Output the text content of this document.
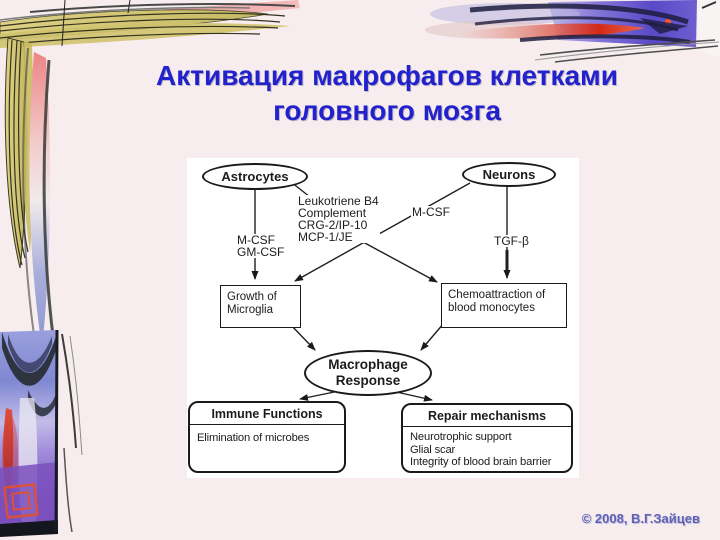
Активация макрофагов клетками
головного мозга
Astrocytes	Neurons
M-CSF
GM-CSF
Leukotriene B4
Complement
CRG-2/IP-10
MCP-1/JE
M-CSF
TGF-β
Growth of
Microglia
Chemoattraction of
blood monocytes
Macrophage
Response
Immune Functions
Elimination of microbes
Repair mechanisms
Neurotrophic support
Glial scar
Integrity of blood brain barrier
© 2008, В.Г.Зайцев
